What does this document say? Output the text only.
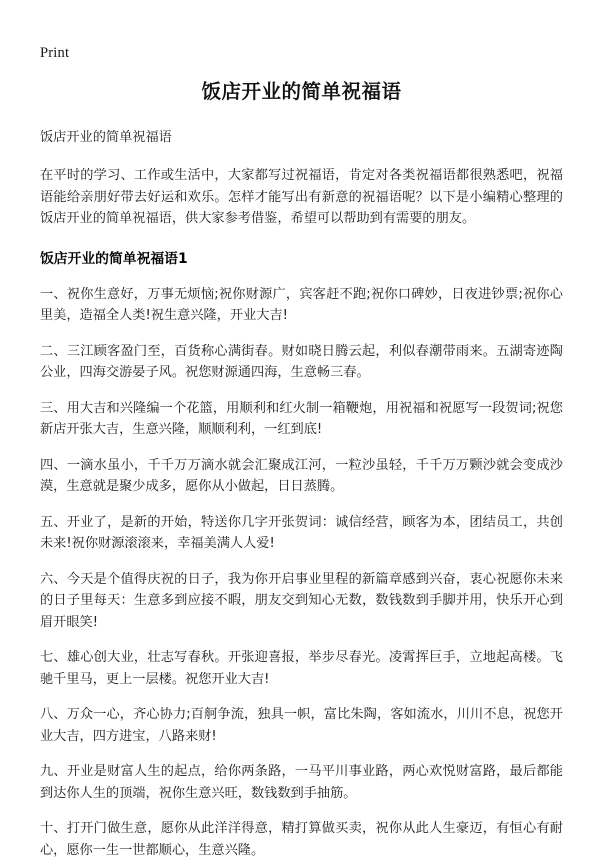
Print
饭店开业的简单祝福语

饭店开业的简单祝福语

在平时的学习、工作或生活中，大家都写过祝福语，肯定对各类祝福语都很熟悉吧，祝福语能给亲朋好带去好运和欢乐。怎样才能写出有新意的祝福语呢？以下是小编精心整理的饭店开业的简单祝福语，供大家参考借鉴，希望可以帮助到有需要的朋友。

饭店开业的简单祝福语1

一、祝你生意好，万事无烦恼;祝你财源广，宾客赶不跑;祝你口碑妙，日夜进钞票;祝你心里美，造福全人类!祝生意兴隆，开业大吉!

二、三江顾客盈门至，百货称心满街春。财如晓日腾云起，利似春潮带雨来。五湖寄迹陶公业，四海交游晏子风。祝您财源通四海，生意畅三春。

三、用大吉和兴隆编一个花篮，用顺利和红火制一箱鞭炮，用祝福和祝愿写一段贺词;祝您新店开张大吉，生意兴隆，顺顺利利，一红到底!

四、一滴水虽小，千千万万滴水就会汇聚成江河，一粒沙虽轻，千千万万颗沙就会变成沙漠，生意就是聚少成多，愿你从小做起，日日蒸腾。

五、开业了，是新的开始，特送你几字开张贺词：诚信经营，顾客为本，团结员工，共创未来!祝你财源滚滚来，幸福美满人人爱!

六、今天是个值得庆祝的日子，我为你开启事业里程的新篇章感到兴奋，衷心祝愿你未来的日子里每天：生意多到应接不暇，朋友交到知心无数，数钱数到手脚并用，快乐开心到眉开眼笑!

七、雄心创大业，壮志写春秋。开张迎喜报，举步尽春光。凌霄挥巨手，立地起高楼。飞驰千里马，更上一层楼。祝您开业大吉!

八、万众一心，齐心协力;百舸争流，独具一帜，富比朱陶，客如流水，川川不息，祝您开业大吉，四方进宝，八路来财!

九、开业是财富人生的起点，给你两条路，一马平川事业路，两心欢悦财富路，最后都能到达你人生的顶端，祝你生意兴旺，数钱数到手抽筋。

十、打开门做生意，愿你从此洋洋得意，精打算做买卖，祝你从此人生豪迈，有恒心有耐心，愿你一生一世都顺心，生意兴隆。
